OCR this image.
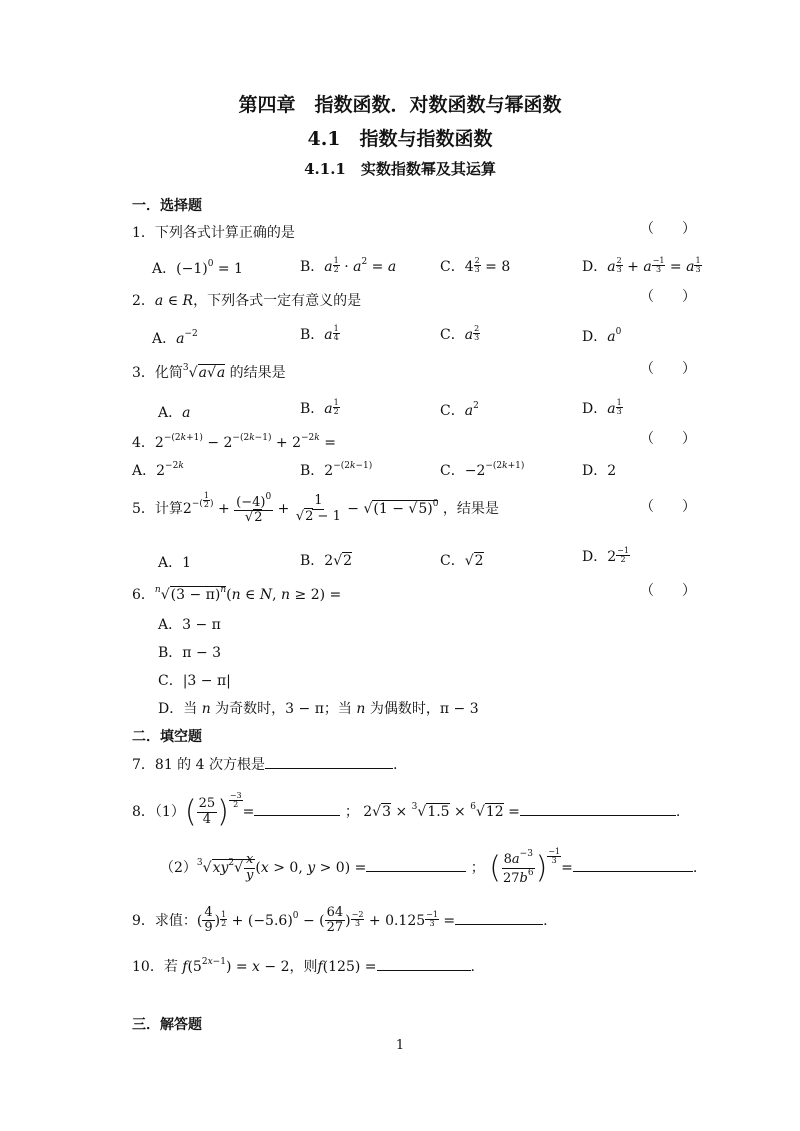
第四章　指数函数．对数函数与幂函数
4.1　指数与指数函数
4.1.1　实数指数幂及其运算
一．选择题
1．下列各式计算正确的是	（　　）
A．$(-1)^0 = 1$	B．a $\frac{1}{2} \cdot a^2 = a$	C．$4 \frac{2}{3} = 8$	D．a $\frac{2}{3} + a \frac{-1}{3} = a \frac{1}{3}$
2．a ∈ R，下列各式一定有意义的是	（　　）
A．$a^{-2}$	B．a $\frac{1}{4}$	C．a $\frac{2}{3}$	D．$a^0$
3．化简$^3$√a√a 的结果是	（　　）
A．a	B．a $\frac{1}{2}$	C．$a^2$	D．a $\frac{1}{3}$
4．$2^{-(2k+1)} - 2^{-(2k-1)} + 2^{-2k}$ =	（　　）
A．$2^{-2k}$	B．$2^{-(2k-1)}$	C．$-2^{-(2k+1)}$	D．2
5．计算$2^{-( \frac{1}{2} )} + \frac{(-4)^0}{√2} + \frac{1}{√2 - 1} - √(1 - √5)^0$ ，结果是	（　　）
A．1	B．2√2	C．√2	D．$2 \frac{-1}{2}$
6．$^n√(3 - \pi)^n(n$ ∈ N, n ≥ 2) =	（　　）
A．3 − π
B．π − 3
C．|3 − π|
D．当 n 为奇数时，3 − π；当 n 为偶数时，π − 3
二．填空题
7．81 的 4 次方根是	.
8．$(1)( \frac{25}{4}$ ) $\frac{-3}{2}$
=	； 2√3 × $^3$√1.5 × $^6$√12 =	.
$(2)^3√xy^2√ \frac{x}{y} (x > 0$, y > 0) =	； ( $\frac{8a^{-3}}{27b^6}$ ) $\frac{-1}{3}$
=	.
9．求值：( $\frac{4}{9}$ ) $\frac{1}{2} + (-5.6)^0$ − ( $\frac{64}{27}$ ) $\frac{-2}{3} + 0.125 \frac{-1}{3}$ =	.
10．若 $f(5^{2x-1}) = x - 2$，则f(125) =	.
三．解答题
1
